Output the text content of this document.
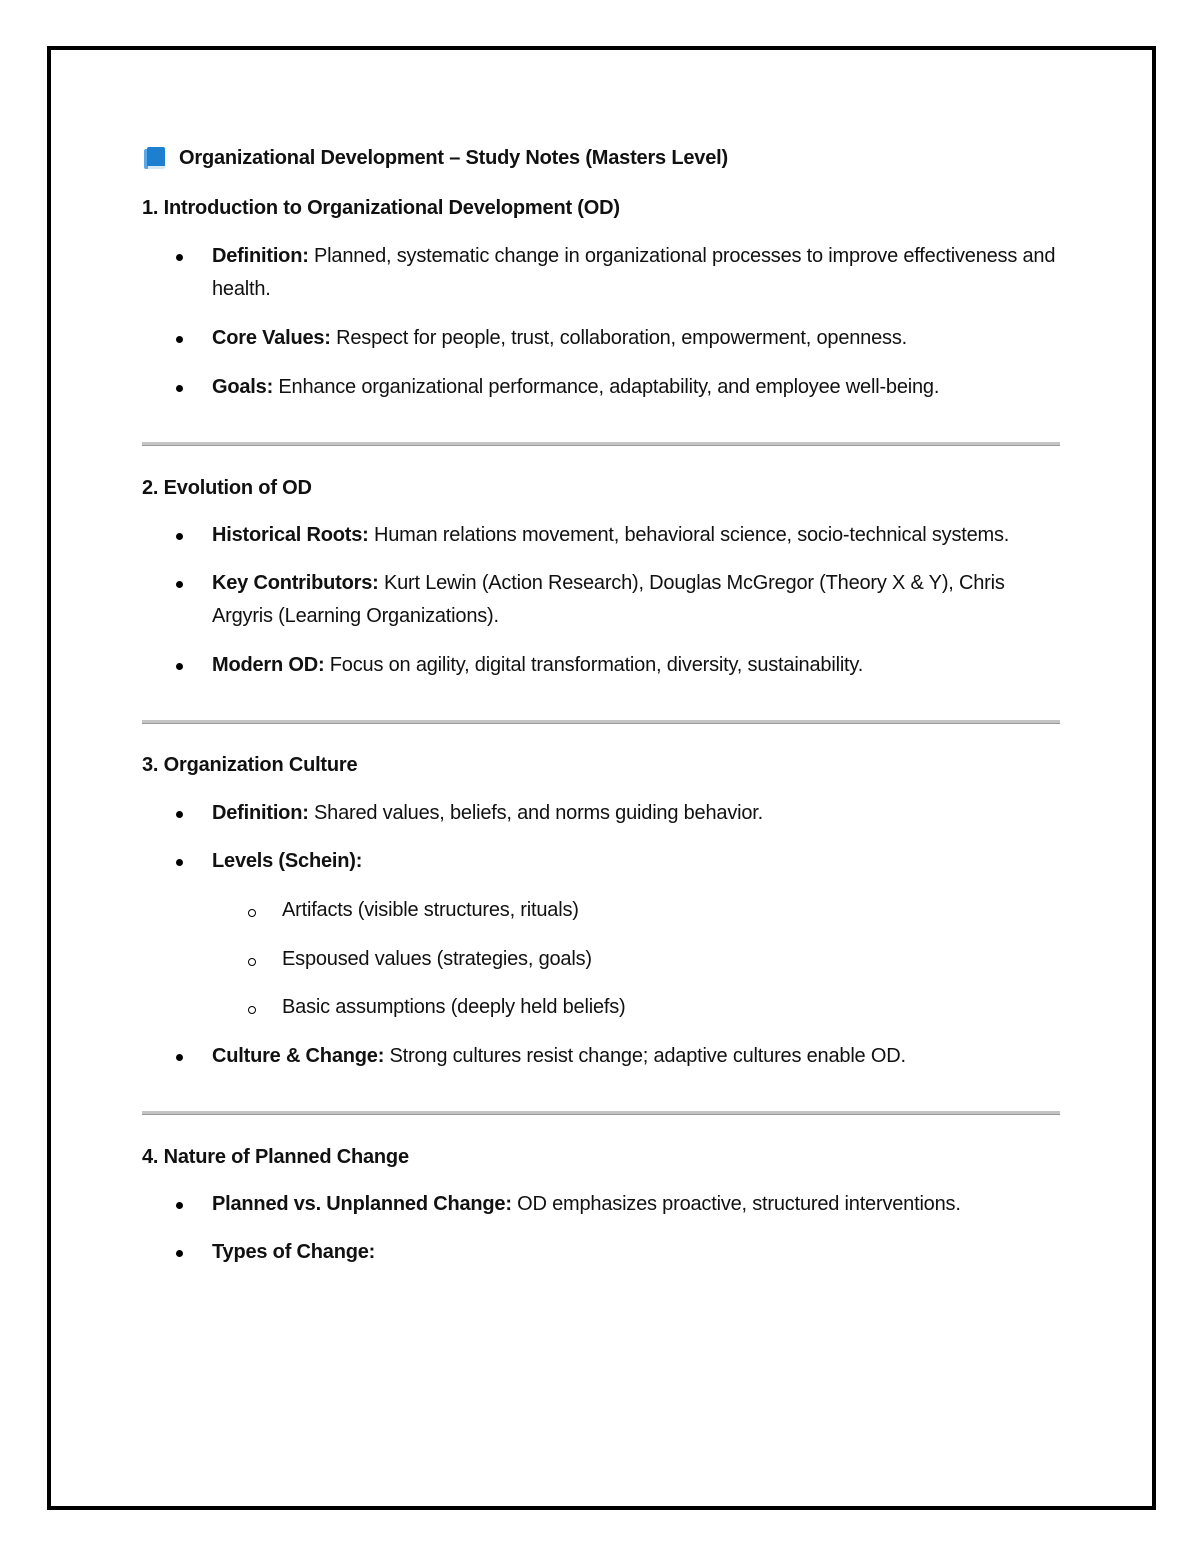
Organizational Development – Study Notes (Masters Level)
1. Introduction to Organizational Development (OD)
Definition: Planned, systematic change in organizational processes to improve effectiveness and health.
Core Values: Respect for people, trust, collaboration, empowerment, openness.
Goals: Enhance organizational performance, adaptability, and employee well-being.
2. Evolution of OD
Historical Roots: Human relations movement, behavioral science, socio-technical systems.
Key Contributors: Kurt Lewin (Action Research), Douglas McGregor (Theory X & Y), Chris Argyris (Learning Organizations).
Modern OD: Focus on agility, digital transformation, diversity, sustainability.
3. Organization Culture
Definition: Shared values, beliefs, and norms guiding behavior.
Levels (Schein):
Artifacts (visible structures, rituals)
Espoused values (strategies, goals)
Basic assumptions (deeply held beliefs)
Culture & Change: Strong cultures resist change; adaptive cultures enable OD.
4. Nature of Planned Change
Planned vs. Unplanned Change: OD emphasizes proactive, structured interventions.
Types of Change:
